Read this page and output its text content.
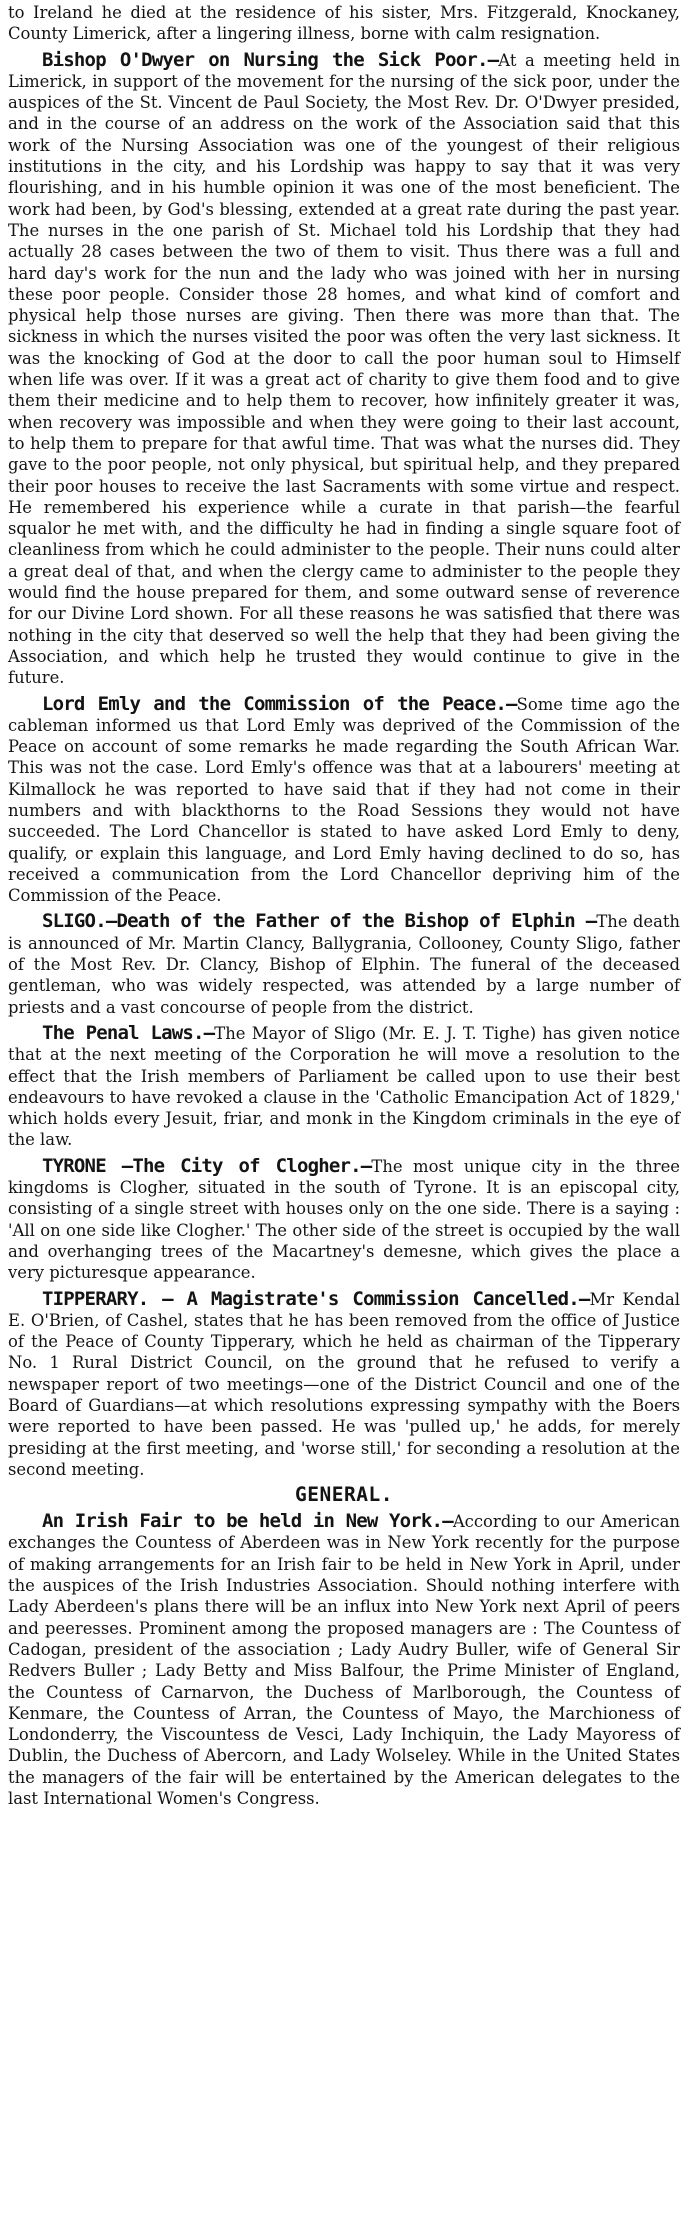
to Ireland he died at the residence of his sister, Mrs. Fitzgerald, Knockaney, County Limerick, after a lingering illness, borne with calm resignation.

Bishop O'Dwyer on Nursing the Sick Poor.—At a meeting held in Limerick, in support of the movement for the nursing of the sick poor, under the auspices of the St. Vincent de Paul Society, the Most Rev. Dr. O'Dwyer presided, and in the course of an address on the work of the Association said that this work of the Nursing Association was one of the youngest of their religious institutions in the city, and his Lordship was happy to say that it was very flourishing, and in his humble opinion it was one of the most beneficient. The work had been, by God's blessing, extended at a great rate during the past year. The nurses in the one parish of St. Michael told his Lordship that they had actually 28 cases between the two of them to visit. Thus there was a full and hard day's work for the nun and the lady who was joined with her in nursing these poor people. Consider those 28 homes, and what kind of comfort and physical help those nurses are giving. Then there was more than that. The sickness in which the nurses visited the poor was often the very last sickness. It was the knocking of God at the door to call the poor human soul to Himself when life was over. If it was a great act of charity to give them food and to give them their medicine and to help them to recover, how infinitely greater it was, when recovery was impossible and when they were going to their last account, to help them to prepare for that awful time. That was what the nurses did. They gave to the poor people, not only physical, but spiritual help, and they prepared their poor houses to receive the last Sacraments with some virtue and respect. He remembered his experience while a curate in that parish—the fearful squalor he met with, and the difficulty he had in finding a single square foot of cleanliness from which he could administer to the people. Their nuns could alter a great deal of that, and when the clergy came to administer to the people they would find the house prepared for them, and some outward sense of reverence for our Divine Lord shown. For all these reasons he was satisfied that there was nothing in the city that deserved so well the help that they had been giving the Association, and which help he trusted they would continue to give in the future.

Lord Emly and the Commission of the Peace.—Some time ago the cableman informed us that Lord Emly was deprived of the Commission of the Peace on account of some remarks he made regarding the South African War. This was not the case. Lord Emly's offence was that at a labourers' meeting at Kilmallock he was reported to have said that if they had not come in their numbers and with blackthorns to the Road Sessions they would not have succeeded. The Lord Chancellor is stated to have asked Lord Emly to deny, qualify, or explain this language, and Lord Emly having declined to do so, has received a communication from the Lord Chancellor depriving him of the Commission of the Peace.

SLIGO.—Death of the Father of the Bishop of Elphin —The death is announced of Mr. Martin Clancy, Ballygrania, Collooney, County Sligo, father of the Most Rev. Dr. Clancy, Bishop of Elphin. The funeral of the deceased gentleman, who was widely respected, was attended by a large number of priests and a vast concourse of people from the district.

The Penal Laws.—The Mayor of Sligo (Mr. E. J. T. Tighe) has given notice that at the next meeting of the Corporation he will move a resolution to the effect that the Irish members of Parliament be called upon to use their best endeavours to have revoked a clause in the 'Catholic Emancipation Act of 1829,' which holds every Jesuit, friar, and monk in the Kingdom criminals in the eye of the law.

TYRONE —The City of Clogher.—The most unique city in the three kingdoms is Clogher, situated in the south of Tyrone. It is an episcopal city, consisting of a single street with houses only on the one side. There is a saying : 'All on one side like Clogher.' The other side of the street is occupied by the wall and overhanging trees of the Macartney's demesne, which gives the place a very picturesque appearance.

TIPPERARY. — A Magistrate's Commission Cancelled.—Mr Kendal E. O'Brien, of Cashel, states that he has been removed from the office of Justice of the Peace of County Tipperary, which he held as chairman of the Tipperary No. 1 Rural District Council, on the ground that he refused to verify a newspaper report of two meetings—one of the District Council and one of the Board of Guardians—at which resolutions expressing sympathy with the Boers were reported to have been passed. He was 'pulled up,' he adds, for merely presiding at the first meeting, and 'worse still,' for seconding a resolution at the second meeting.

GENERAL.

An Irish Fair to be held in New York.—According to our American exchanges the Countess of Aberdeen was in New York recently for the purpose of making arrangements for an Irish fair to be held in New York in April, under the auspices of the Irish Industries Association. Should nothing interfere with Lady Aberdeen's plans there will be an influx into New York next April of peers and peeresses. Prominent among the proposed managers are : The Countess of Cadogan, president of the association ; Lady Audry Buller, wife of General Sir Redvers Buller ; Lady Betty and Miss Balfour, the Prime Minister of England, the Countess of Carnarvon, the Duchess of Marlborough, the Countess of Kenmare, the Countess of Arran, the Countess of Mayo, the Marchioness of Londonderry, the Viscountess de Vesci, Lady Inchiquin, the Lady Mayoress of Dublin, the Duchess of Abercorn, and Lady Wolseley. While in the United States the managers of the fair will be entertained by the American delegates to the last International Women's Congress.
